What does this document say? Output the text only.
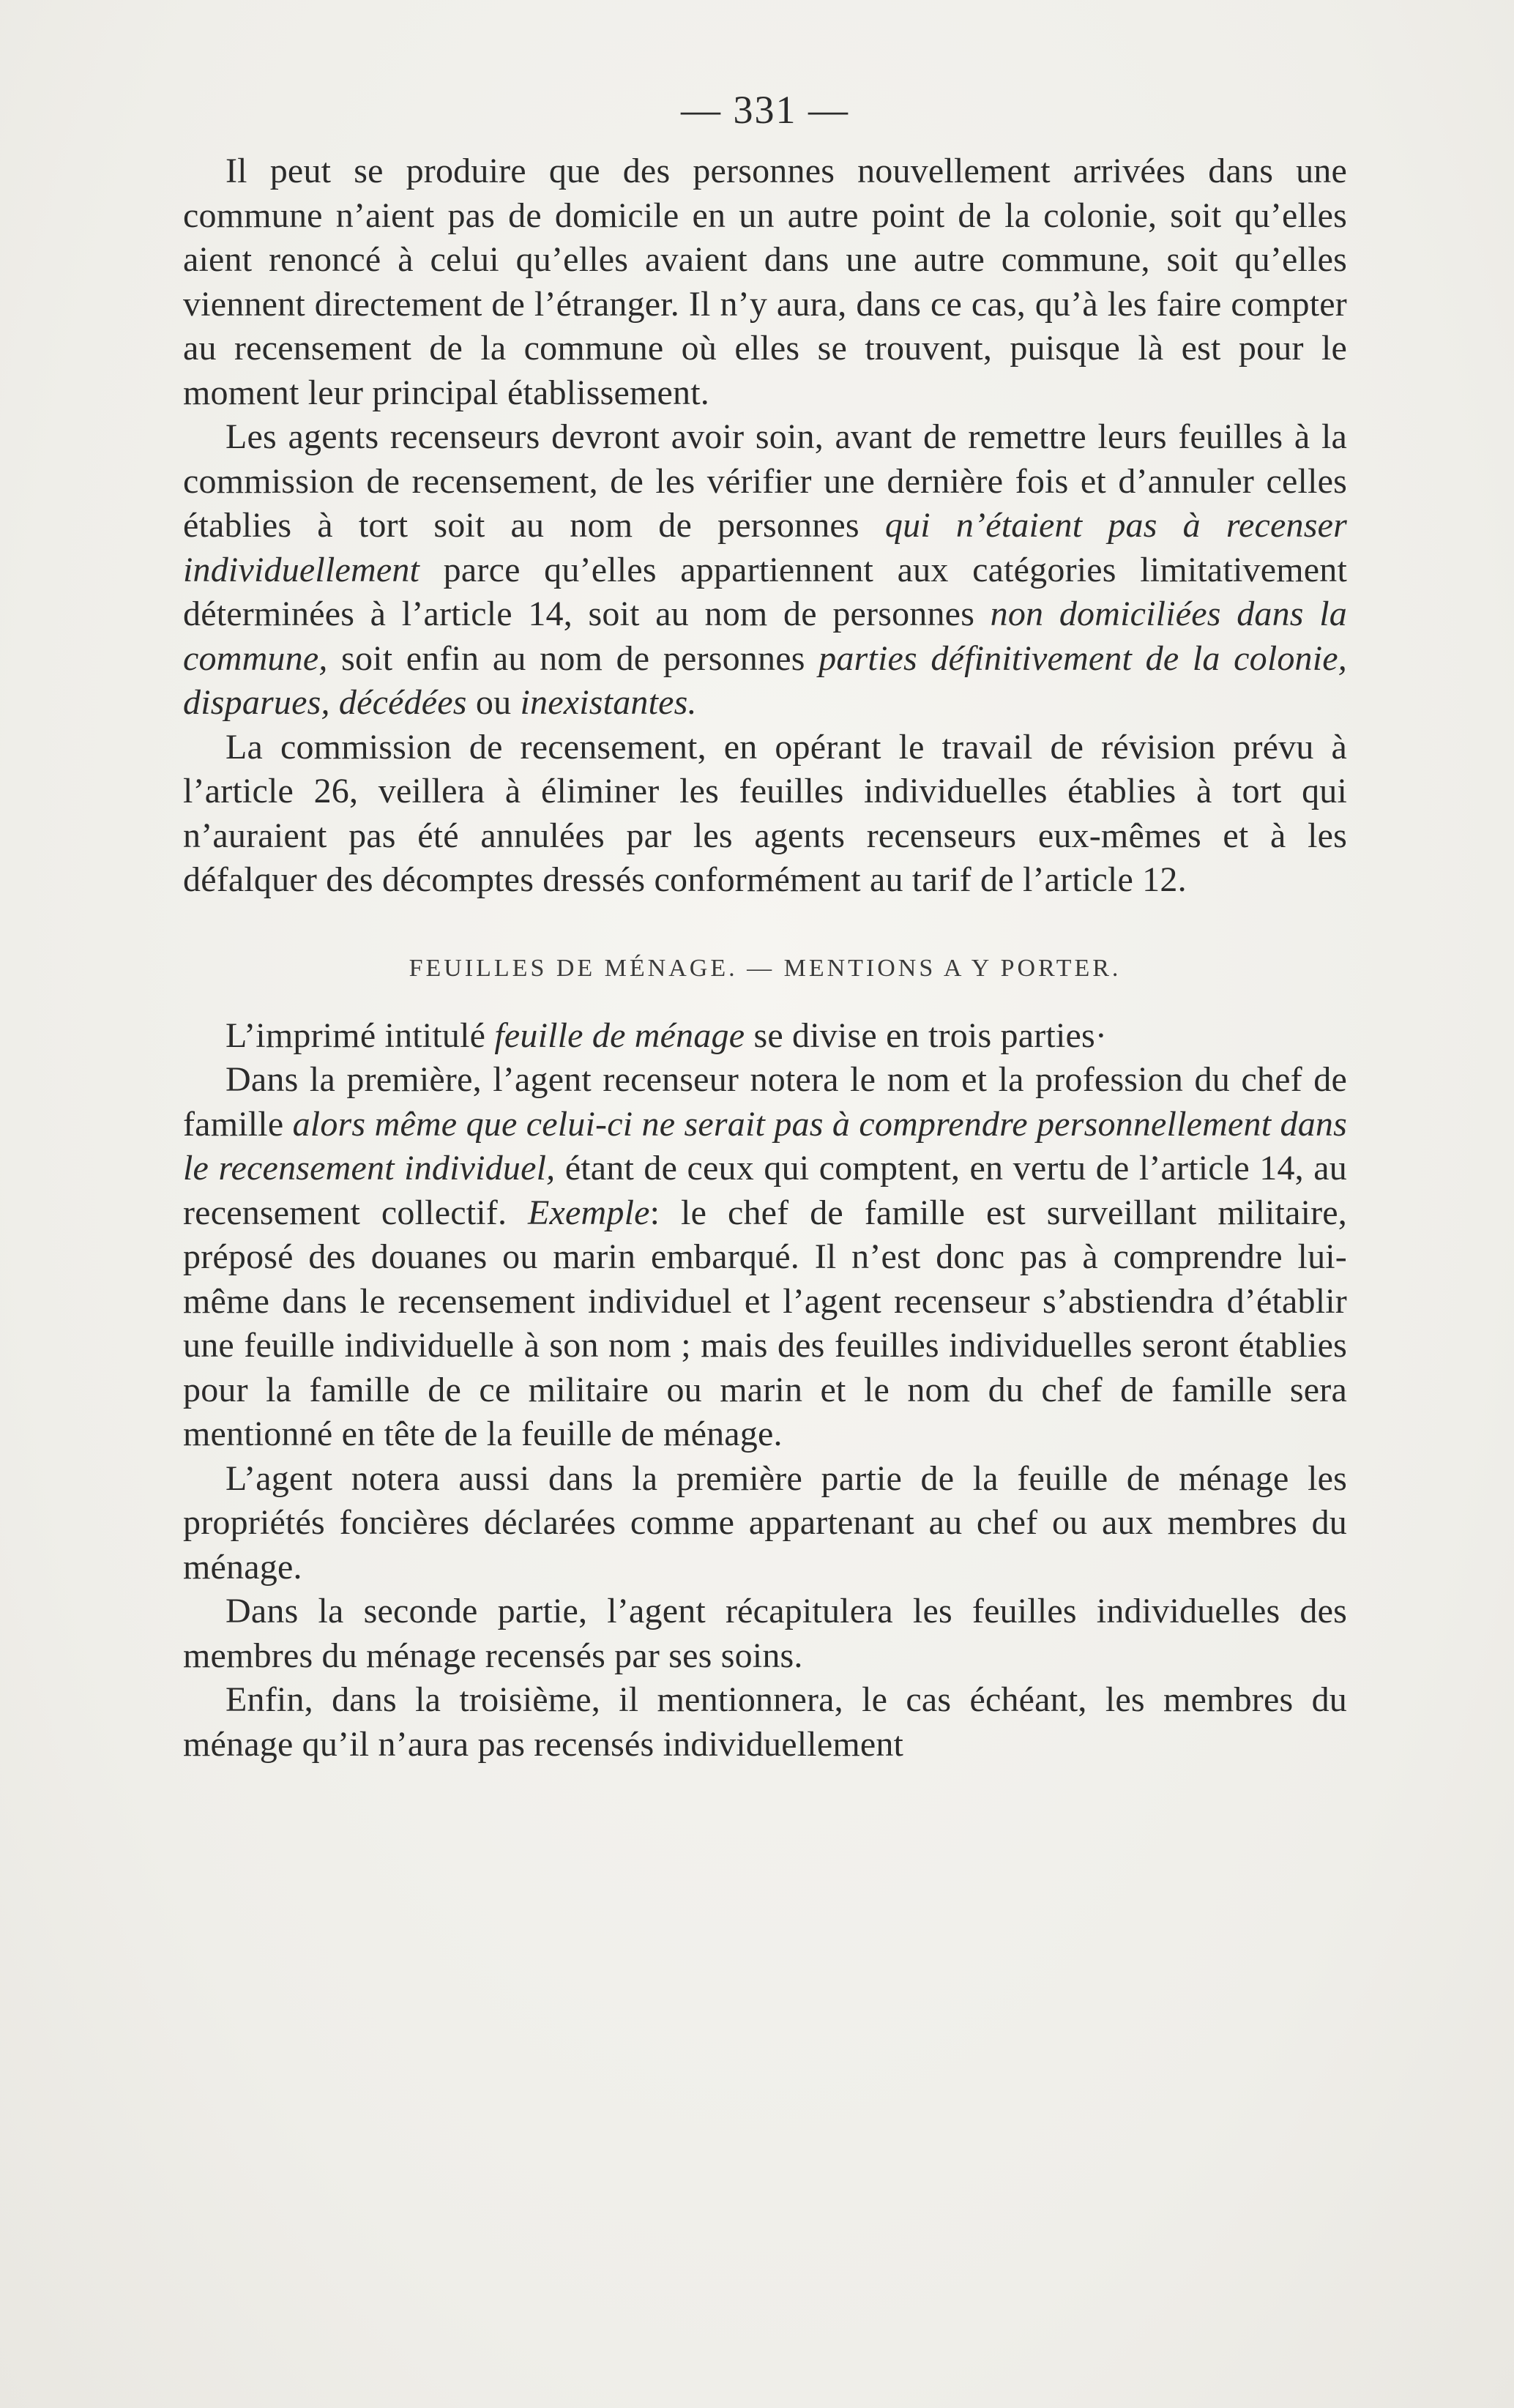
— 331 —

Il peut se produire que des personnes nouvellement arrivées dans une commune n’aient pas de domicile en un autre point de la colonie, soit qu’elles aient renoncé à celui qu’elles avaient dans une autre commune, soit qu’elles viennent directement de l’étranger. Il n’y aura, dans ce cas, qu’à les faire compter au recensement de la commune où elles se trouvent, puisque là est pour le moment leur principal établissement.

Les agents recenseurs devront avoir soin, avant de remettre leurs feuilles à la commission de recensement, de les vérifier une dernière fois et d’annuler celles établies à tort soit au nom de personnes qui n’étaient pas à recenser individuellement parce qu’elles appartiennent aux catégories limitativement déterminées à l’article 14, soit au nom de personnes non domiciliées dans la commune, soit enfin au nom de personnes parties définitivement de la colonie, disparues, décédées ou inexistantes.

La commission de recensement, en opérant le travail de révision prévu à l’article 26, veillera à éliminer les feuilles individuelles établies à tort qui n’auraient pas été annulées par les agents recenseurs eux-mêmes et à les défalquer des décomptes dressés conformément au tarif de l’article 12.

FEUILLES DE MÉNAGE. — MENTIONS A Y PORTER.

L’imprimé intitulé feuille de ménage se divise en trois parties·

Dans la première, l’agent recenseur notera le nom et la profession du chef de famille alors même que celui-ci ne serait pas à comprendre personnellement dans le recensement individuel, étant de ceux qui comptent, en vertu de l’article 14, au recensement collectif. Exemple: le chef de famille est surveillant militaire, préposé des douanes ou marin embarqué. Il n’est donc pas à comprendre lui-même dans le recensement individuel et l’agent recenseur s’abstiendra d’établir une feuille individuelle à son nom ; mais des feuilles individuelles seront établies pour la famille de ce militaire ou marin et le nom du chef de famille sera mentionné en tête de la feuille de ménage.

L’agent notera aussi dans la première partie de la feuille de ménage les propriétés foncières déclarées comme appartenant au chef ou aux membres du ménage.

Dans la seconde partie, l’agent récapitulera les feuilles individuelles des membres du ménage recensés par ses soins.

Enfin, dans la troisième, il mentionnera, le cas échéant, les membres du ménage qu’il n’aura pas recensés individuellement
